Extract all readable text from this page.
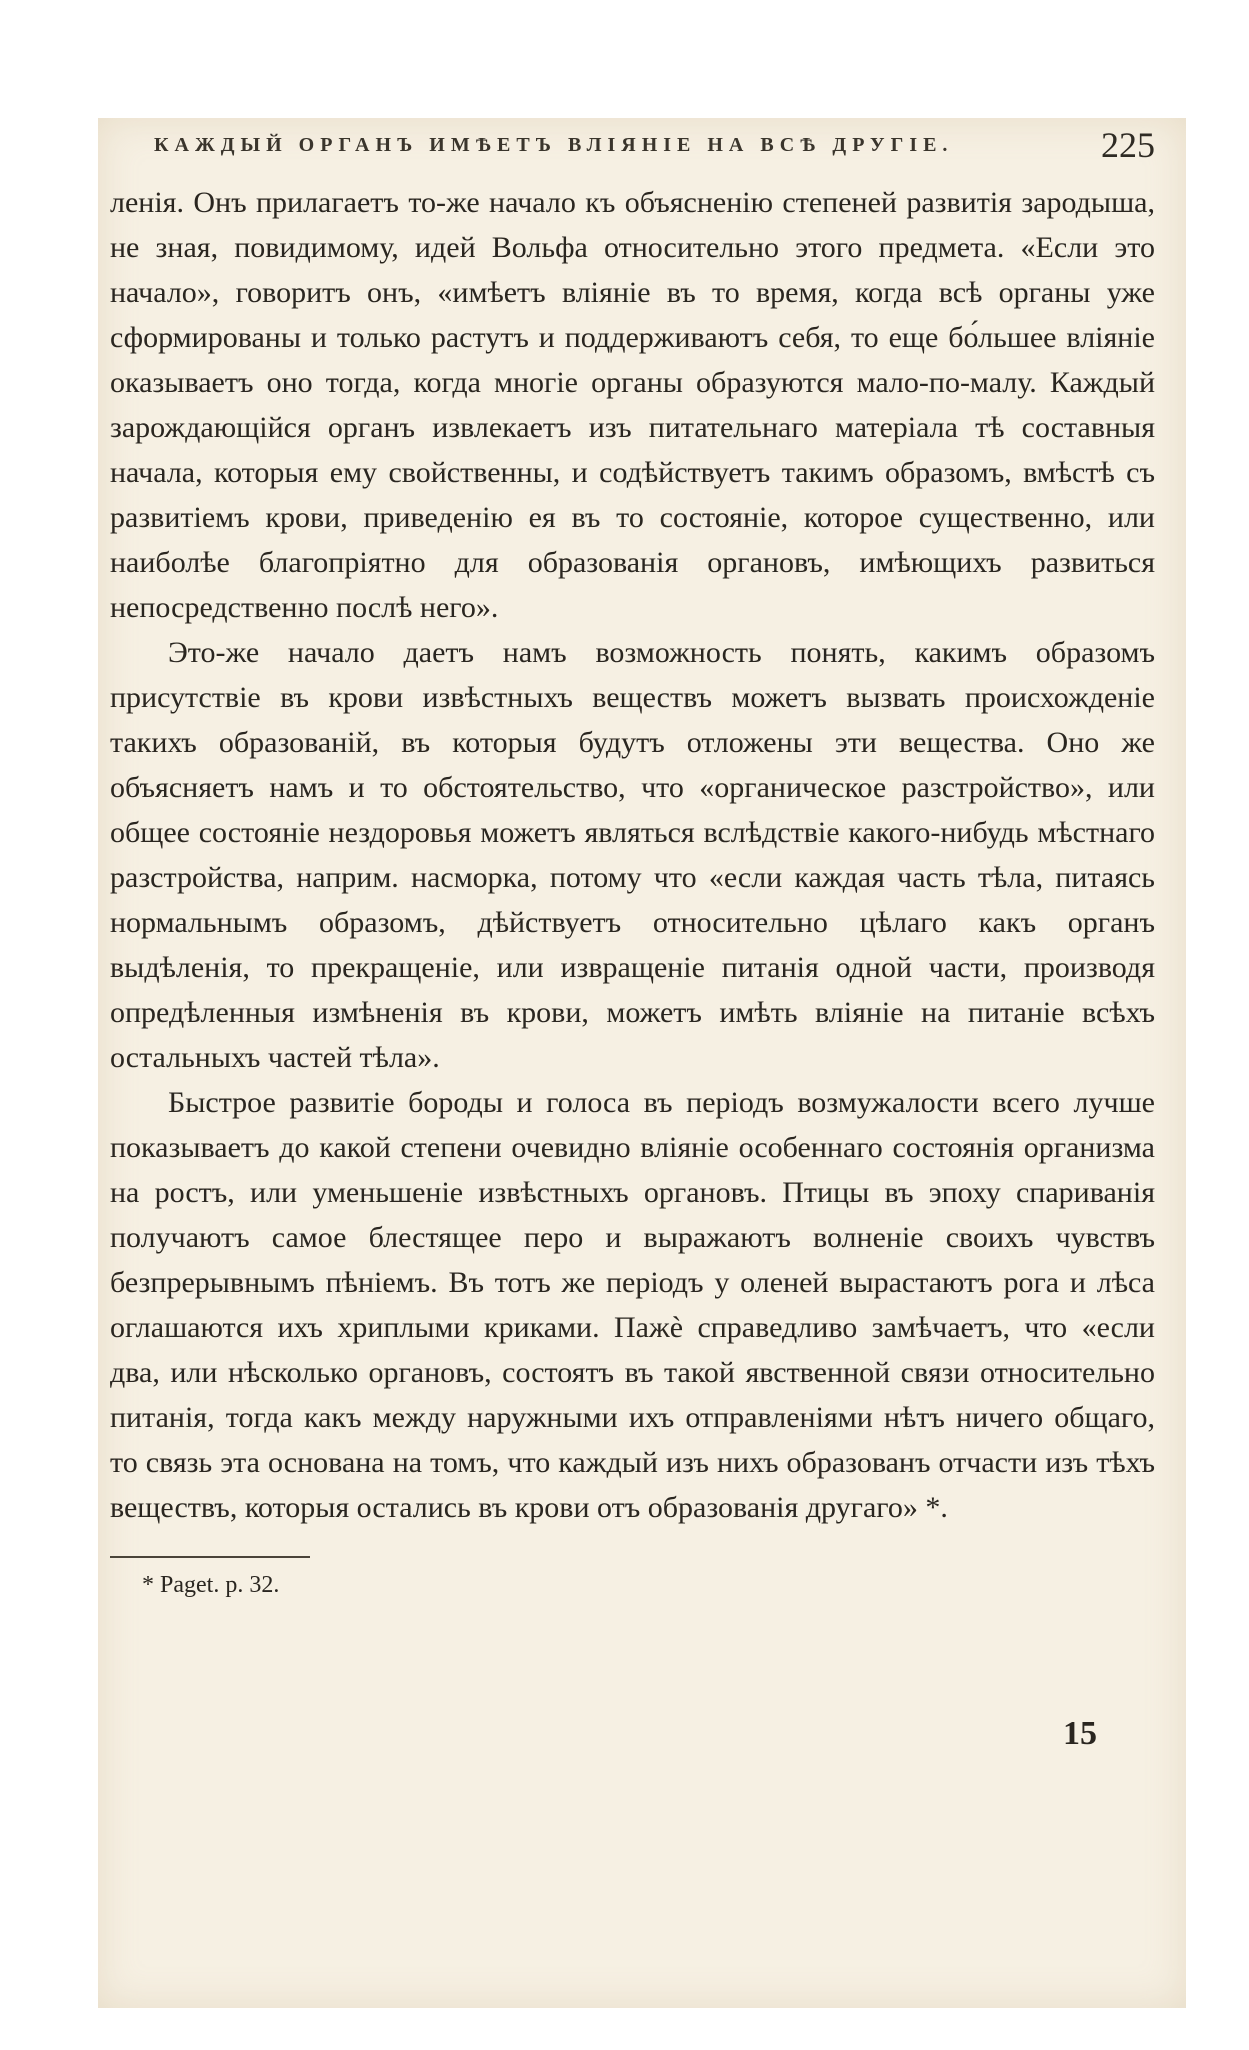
КАЖДЫЙ ОРГАНЪ ИМѢЕТЪ ВЛІЯНІЕ НА ВСѢ ДРУГІЕ.	225

ленія. Онъ прилагаетъ то-же начало къ объясненію степеней развитія зародыша, не зная, повидимому, идей Вольфа относительно этого предмета. «Если это начало», говоритъ онъ, «имѣетъ вліяніе въ то время, когда всѣ органы уже сформированы и только растутъ и поддерживаютъ себя, то еще бо́льшее вліяніе оказываетъ оно тогда, когда многіе органы образуются мало-по-малу. Каждый зарождающійся органъ извлекаетъ изъ питательнаго матеріала тѣ составныя начала, которыя ему свойственны, и содѣйствуетъ такимъ образомъ, вмѣстѣ съ развитіемъ крови, приведенію ея въ то состояніе, которое существенно, или наиболѣе благопріятно для образованія органовъ, имѣющихъ развиться непосредственно послѣ него».

Это-же начало даетъ намъ возможность понять, какимъ образомъ присутствіе въ крови извѣстныхъ веществъ можетъ вызвать происхожденіе такихъ образованій, въ которыя будутъ отложены эти вещества. Оно же объясняетъ намъ и то обстоятельство, что «органическое разстройство», или общее состояніе нездоровья можетъ являться вслѣдствіе какого-нибудь мѣстнаго разстройства, наприм. насморка, потому что «если каждая часть тѣла, питаясь нормальнымъ образомъ, дѣйствуетъ относительно цѣлаго какъ органъ выдѣленія, то прекращеніе, или извращеніе питанія одной части, производя опредѣленныя измѣненія въ крови, можетъ имѣть вліяніе на питаніе всѣхъ остальныхъ частей тѣла».

Быстрое развитіе бороды и голоса въ періодъ возмужалости всего лучше показываетъ до какой степени очевидно вліяніе особеннаго состоянія организма на ростъ, или уменьшеніе извѣстныхъ органовъ. Птицы въ эпоху спариванія получаютъ самое блестящее перо и выражаютъ волненіе своихъ чувствъ безпрерывнымъ пѣніемъ. Въ тотъ же періодъ у оленей вырастаютъ рога и лѣса оглашаются ихъ хриплыми криками. Пажè справедливо замѣчаетъ, что «если два, или нѣсколько органовъ, состоятъ въ такой явственной связи относительно питанія, тогда какъ между наружными ихъ отправленіями нѣтъ ничего общаго, то связь эта основана на томъ, что каждый изъ нихъ образованъ отчасти изъ тѣхъ веществъ, которыя остались въ крови отъ образованія другаго» *.

* Paget. p. 32.
15
